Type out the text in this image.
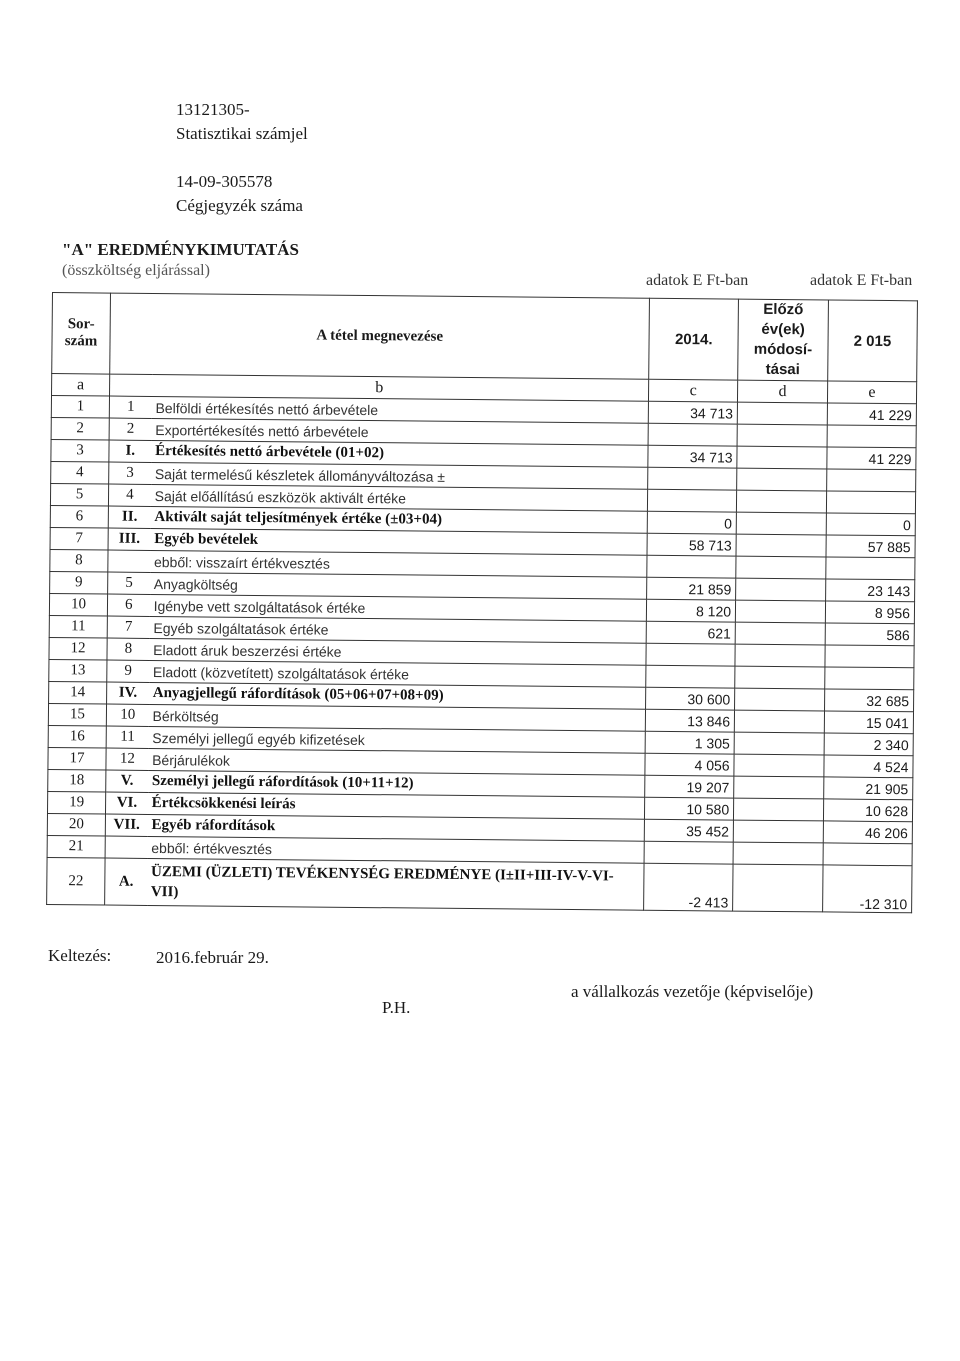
13121305-
Statisztikai számjel
14-09-305578
Cégjegyzék száma
"A" EREDMÉNYKIMUTATÁS
(összköltség eljárással)
adatok E Ft-ban	adatok E Ft-ban
Sor-
szám	A tétel megnevezése		2014.	Előző
év(ek)
módosí-
tásai	2 015
a	b		c	d	e
1	1	Belföldi értékesítés nettó árbevétele	34 713		41 229
2	2	Exportértékesítés nettó árbevétele			
3	I.	Értékesítés nettó árbevétele (01+02)	34 713		41 229
4	3	Saját termelésű készletek állományváltozása ±			
5	4	Saját előállítású eszközök aktivált értéke			
6	II.	Aktivált saját teljesítmények értéke (±03+04)	0		0
7	III.	Egyéb bevételek	58 713		57 885
8		ebből: visszaírt értékvesztés			
9	5	Anyagköltség	21 859		23 143
10	6	Igénybe vett szolgáltatások értéke	8 120		8 956
11	7	Egyéb szolgáltatások értéke	621		586
12	8	Eladott áruk beszerzési értéke			
13	9	Eladott (közvetített) szolgáltatások értéke			
14	IV.	Anyagjellegű ráfordítások (05+06+07+08+09)	30 600		32 685
15	10	Bérköltség	13 846		15 041
16	11	Személyi jellegű egyéb kifizetések	1 305		2 340
17	12	Bérjárulékok	4 056		4 524
18	V.	Személyi jellegű ráfordítások (10+11+12)	19 207		21 905
19	VI.	Értékcsökkenési leírás	10 580		10 628
20	VII.	Egyéb ráfordítások	35 452		46 206
21		ebből: értékvesztés			
22	A.	ÜZEMI (ÜZLETI) TEVÉKENYSÉG EREDMÉNYE (I±II+III-IV-V-VI-VII)	-2 413		-12 310
Keltezés:	2016.február 29.
P.H.
a vállalkozás vezetője (képviselője)
